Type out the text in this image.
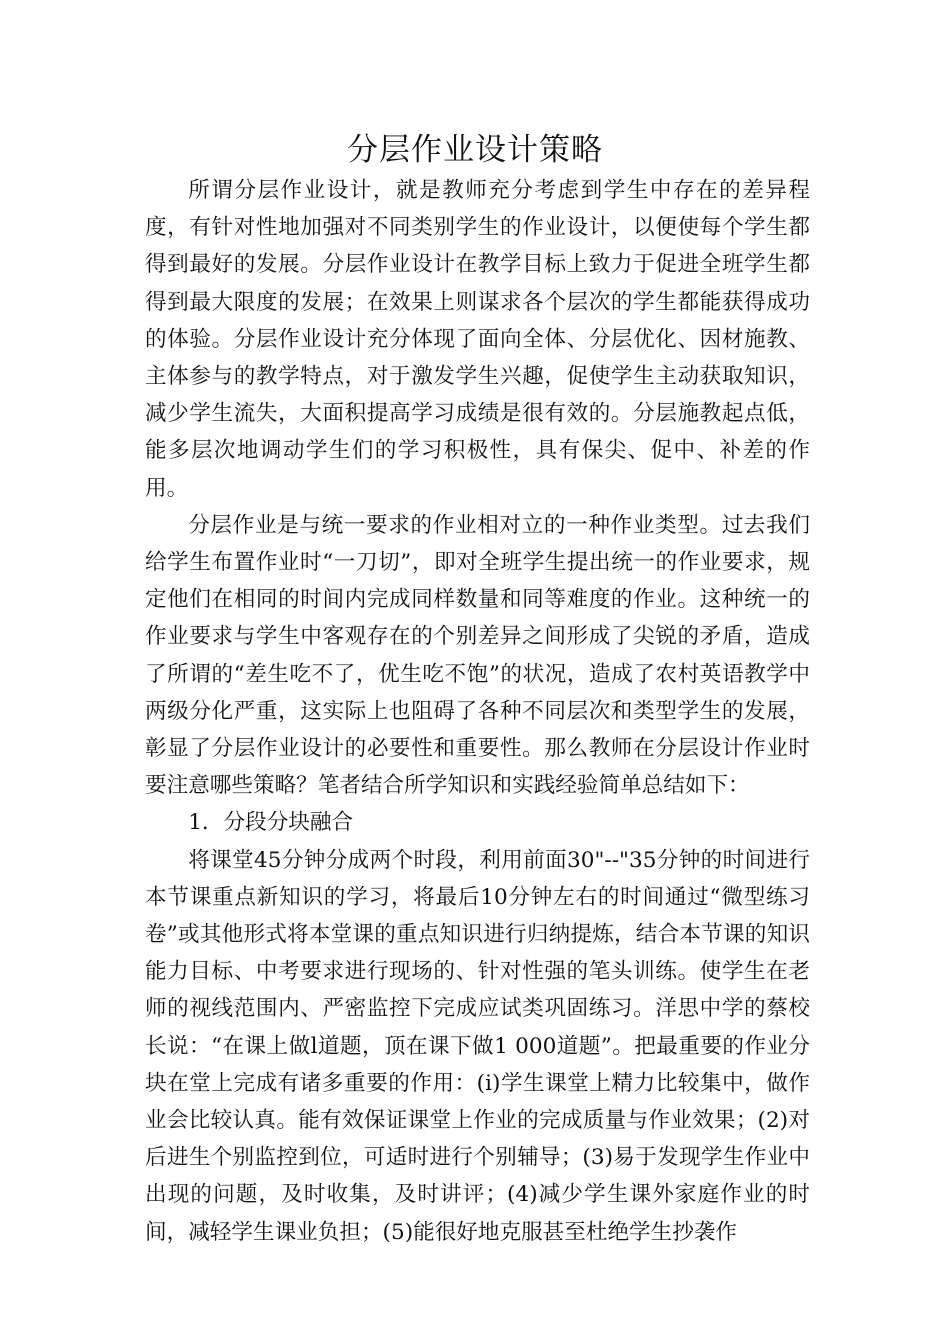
分层作业设计策略

所谓分层作业设计，就是教师充分考虑到学生中存在的差异程度，有针对性地加强对不同类别学生的作业设计，以便使每个学生都得到最好的发展。分层作业设计在教学目标上致力于促进全班学生都得到最大限度的发展；在效果上则谋求各个层次的学生都能获得成功的体验。分层作业设计充分体现了面向全体、分层优化、因材施教、主体参与的教学特点，对于激发学生兴趣，促使学生主动获取知识，减少学生流失，大面积提高学习成绩是很有效的。分层施教起点低，能多层次地调动学生们的学习积极性，具有保尖、促中、补差的作用。

分层作业是与统一要求的作业相对立的一种作业类型。过去我们给学生布置作业时“一刀切”，即对全班学生提出统一的作业要求，规定他们在相同的时间内完成同样数量和同等难度的作业。这种统一的作业要求与学生中客观存在的个别差异之间形成了尖锐的矛盾，造成了所谓的“差生吃不了，优生吃不饱”的状况，造成了农村英语教学中两级分化严重，这实际上也阻碍了各种不同层次和类型学生的发展，彰显了分层作业设计的必要性和重要性。那么教师在分层设计作业时要注意哪些策略？笔者结合所学知识和实践经验简单总结如下：

1．分段分块融合

将课堂45分钟分成两个时段，利用前面30"--"35分钟的时间进行本节课重点新知识的学习，将最后10分钟左右的时间通过“微型练习卷”或其他形式将本堂课的重点知识进行归纳提炼，结合本节课的知识能力目标、中考要求进行现场的、针对性强的笔头训练。使学生在老师的视线范围内、严密监控下完成应试类巩固练习。洋思中学的蔡校长说：“在课上做l道题，顶在课下做1 000道题”。把最重要的作业分块在堂上完成有诸多重要的作用：(i)学生课堂上精力比较集中，做作业会比较认真。能有效保证课堂上作业的完成质量与作业效果；(2)对后进生个别监控到位，可适时进行个别辅导；(3)易于发现学生作业中出现的问题，及时收集，及时讲评；(4)减少学生课外家庭作业的时间，减轻学生课业负担；(5)能很好地克服甚至杜绝学生抄袭作
